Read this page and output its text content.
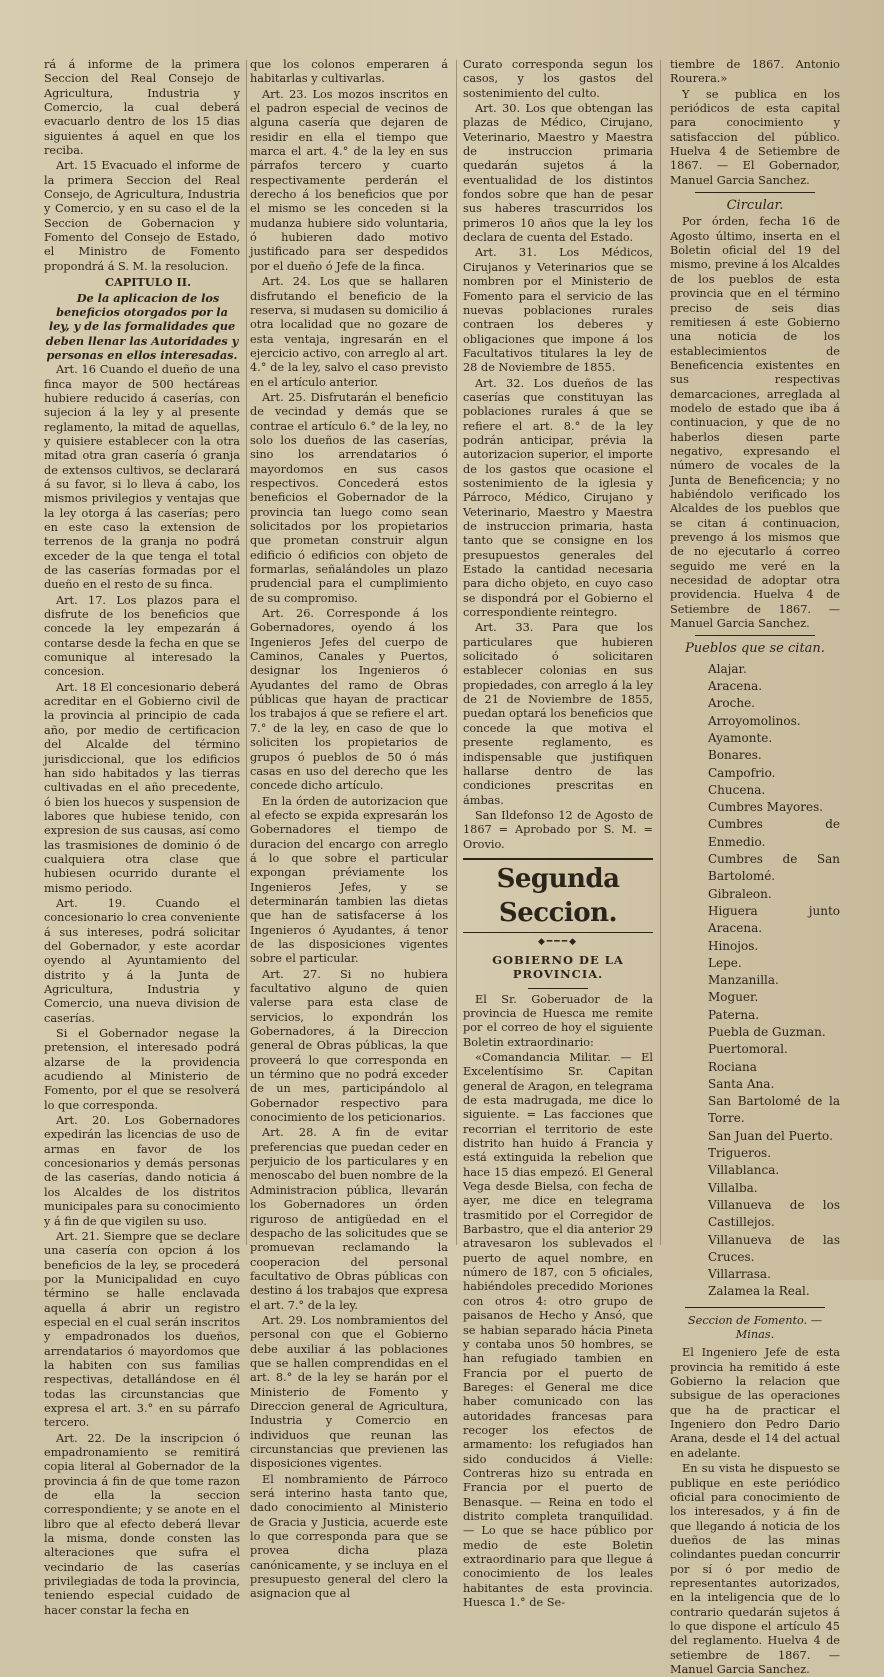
rá á informe de la primera Seccion del Real Consejo de Agricultura, Industria y Comercio, la cual deberá evacuarlo dentro de los 15 dias siguientes á aquel en que los reciba.

Art. 15 Evacuado el informe de la primera Seccion del Real Consejo, de Agricultura, Industria y Comercio, y en su caso el de la Seccion de Gobernacion y Fomento del Consejo de Estado, el Ministro de Fomento propondrá á S. M. la resolucion.

CAPITULO II.

De la aplicacion de los beneficios otorgados por la ley, y de las formalidades que deben llenar las Autoridades y personas en ellos interesadas.

Art. 16 Cuando el dueño de una finca mayor de 500 hectáreas hubiere reducido á caserías, con sujecion á la ley y al presente reglamento, la mitad de aquellas, y quisiere establecer con la otra mitad otra gran casería ó granja de extensos cultivos, se declarará á su favor, si lo lleva á cabo, los mismos privilegios y ventajas que la ley otorga á las caserías; pero en este caso la extension de terrenos de la granja no podrá exceder de la que tenga el total de las caserías formadas por el dueño en el resto de su finca.

Art. 17. Los plazos para el disfrute de los beneficios que concede la ley empezarán á contarse desde la fecha en que se comunique al interesado la concesion.

Art. 18 El concesionario deberá acreditar en el Gobierno civil de la provincia al principio de cada año, por medio de certificacion del Alcalde del término jurisdiccional, que los edificios han sido habitados y las tierras cultivadas en el año precedente, ó bien los huecos y suspension de labores que hubiese tenido, con expresion de sus causas, así como las trasmisiones de dominio ó de cualquiera otra clase que hubiesen ocurrido durante el mismo periodo.

Art. 19. Cuando el concesionario lo crea conveniente á sus intereses, podrá solicitar del Gobernador, y este acordar oyendo al Ayuntamiento del distrito y á la Junta de Agricultura, Industria y Comercio, una nueva division de caserías.

Si el Gobernador negase la pretension, el interesado podrá alzarse de la providencia acudiendo al Ministerio de Fomento, por el que se resolverá lo que corresponda.

Art. 20. Los Gobernadores expedirán las licencias de uso de armas en favor de los concesionarios y demás personas de las caserías, dando noticia á los Alcaldes de los distritos municipales para su conocimiento y á fin de que vigilen su uso.

Art. 21. Siempre que se declare una casería con opcion á los beneficios de la ley, se procederá por la Municipalidad en cuyo término se halle enclavada aquella á abrir un registro especial en el cual serán inscritos y empadronados los dueños, arrendatarios ó mayordomos que la habiten con sus familias respectivas, detallándose en él todas las circunstancias que expresa el art. 3.° en su párrafo tercero.

Art. 22. De la inscripcion ó empadronamiento se remitirá copia literal al Gobernador de la provincia á fin de que tome razon de ella la seccion correspondiente; y se anote en el libro que al efecto deberá llevar la misma, donde consten las alteraciones que sufra el vecindario de las caserías privilegiadas de toda la provincia, teniendo especial cuidado de hacer constar la fecha en

que los colonos emperaren á habitarlas y cultivarlas.

Art. 23. Los mozos inscritos en el padron especial de vecinos de alguna casería que dejaren de residir en ella el tiempo que marca el art. 4.° de la ley en sus párrafos tercero y cuarto respectivamente perderán el derecho á los beneficios que por el mismo se les conceden si la mudanza hubiere sido voluntaria, ó hubieren dado motivo justificado para ser despedidos por el dueño ó Jefe de la finca.

Art. 24. Los que se hallaren disfrutando el beneficio de la reserva, si mudasen su domicilio á otra localidad que no gozare de esta ventaja, ingresarán en el ejercicio activo, con arreglo al art. 4.° de la ley, salvo el caso previsto en el artículo anterior.

Art. 25. Disfrutarán el beneficio de vecindad y demás que se contrae el artículo 6.° de la ley, no solo los dueños de las caserías, sino los arrendatarios ó mayordomos en sus casos respectivos. Concederá estos beneficios el Gobernador de la provincia tan luego como sean solicitados por los propietarios que prometan construir algun edificio ó edificios con objeto de formarlas, señalándoles un plazo prudencial para el cumplimiento de su compromiso.

Art. 26. Corresponde á los Gobernadores, oyendo á los Ingenieros Jefes del cuerpo de Caminos, Canales y Puertos, designar los Ingenieros ó Ayudantes del ramo de Obras públicas que hayan de practicar los trabajos á que se refiere el art. 7.° de la ley, en caso de que lo soliciten los propietarios de grupos ó pueblos de 50 ó más casas en uso del derecho que les concede dicho artículo.

En la órden de autorizacion que al efecto se expida expresarán los Gobernadores el tiempo de duracion del encargo con arreglo á lo que sobre el particular expongan préviamente los Ingenieros Jefes, y se determinarán tambien las dietas que han de satisfacerse á los Ingenieros ó Ayudantes, á tenor de las disposiciones vigentes sobre el particular.

Art. 27. Si no hubiera facultativo alguno de quien valerse para esta clase de servicios, lo expondrán los Gobernadores, á la Direccion general de Obras públicas, la que proveerá lo que corresponda en un término que no podrá exceder de un mes, participándolo al Gobernador respectivo para conocimiento de los peticionarios.

Art. 28. A fin de evitar preferencias que puedan ceder en perjuicio de los particulares y en menoscabo del buen nombre de la Administracion pública, llevarán los Gobernadores un órden riguroso de antigüedad en el despacho de las solicitudes que se promuevan reclamando la cooperacion del personal facultativo de Obras públicas con destino á los trabajos que expresa el art. 7.° de la ley.

Art. 29. Los nombramientos del personal con que el Gobierno debe auxiliar á las poblaciones que se hallen comprendidas en el art. 8.° de la ley se harán por el Ministerio de Fomento y Direccion general de Agricultura, Industria y Comercio en individuos que reunan las circunstancias que previenen las disposiciones vigentes.

El nombramiento de Párroco será interino hasta tanto que, dado conocimiento al Ministerio de Gracia y Justicia, acuerde este lo que corresponda para que se provea dicha plaza canónicamente, y se incluya en el presupuesto general del clero la asignacion que al

Curato corresponda segun los casos, y los gastos del sostenimiento del culto.

Art. 30. Los que obtengan las plazas de Médico, Cirujano, Veterinario, Maestro y Maestra de instruccion primaria quedarán sujetos á la eventualidad de los distintos fondos sobre que han de pesar sus haberes trascurridos los primeros 10 años que la ley los declara de cuenta del Estado.

Art. 31. Los Médicos, Cirujanos y Veterinarios que se nombren por el Ministerio de Fomento para el servicio de las nuevas poblaciones rurales contraen los deberes y obligaciones que impone á los Facultativos titulares la ley de 28 de Noviembre de 1855.

Art. 32. Los dueños de las caserías que constituyan las poblaciones rurales á que se refiere el art. 8.° de la ley podrán anticipar, prévia la autorizacion superior, el importe de los gastos que ocasione el sostenimiento de la iglesia y Párroco, Médico, Cirujano y Veterinario, Maestro y Maestra de instruccion primaria, hasta tanto que se consigne en los presupuestos generales del Estado la cantidad necesaria para dicho objeto, en cuyo caso se dispondrá por el Gobierno el correspondiente reintegro.

Art. 33. Para que los particulares que hubieren solicitado ó solicitaren establecer colonias en sus propiedades, con arreglo á la ley de 21 de Noviembre de 1855, puedan optará los beneficios que concede la que motiva el presente reglamento, es indispensable que justifiquen hallarse dentro de las condiciones prescritas en ámbas.

San Ildefonso 12 de Agosto de 1867 = Aprobado por S. M. = Orovio.

Segunda Seccion.
◆━━━◆
GOBIERNO DE LA PROVINCIA.

El Sr. Goberuador de la provincia de Huesca me remite por el correo de hoy el siguiente Boletin extraordinario:

«Comandancia Militar. — El Excelentísimo Sr. Capitan general de Aragon, en telegrama de esta madrugada, me dice lo siguiente. = Las facciones que recorrian el territorio de este distrito han huido á Francia y está extinguida la rebelion que hace 15 dias empezó. El General Vega desde Bielsa, con fecha de ayer, me dice en telegrama trasmitido por el Corregidor de Barbastro, que el dia anterior 29 atravesaron los sublevados el puerto de aquel nombre, en número de 187, con 5 oficiales, habiéndoles precedido Moriones con otros 4: otro grupo de paisanos de Hecho y Ansó, que se habian separado hácia Pineta y contaba unos 50 hombres, se han refugiado tambien en Francia por el puerto de Bareges: el General me dice haber comunicado con las autoridades francesas para recoger los efectos de armamento: los refugiados han sido conducidos á Vielle: Contreras hizo su entrada en Francia por el puerto de Benasque. — Reina en todo el distrito completa tranquilidad. — Lo que se hace público por medio de este Boletin extraordinario para que llegue á conocimiento de los leales habitantes de esta provincia. Huesca 1.° de Se-

tiembre de 1867. Antonio Rourera.»

Y se publica en los periódicos de esta capital para conocimiento y satisfaccion del público. Huelva 4 de Setiembre de 1867. — El Gobernador, Manuel Garcia Sanchez.

Circular.

Por órden, fecha 16 de Agosto último, inserta en el Boletin oficial del 19 del mismo, previne á los Alcaldes de los pueblos de esta provincia que en el término preciso de seis dias remitiesen á este Gobierno una noticia de los establecimientos de Beneficencia existentes en sus respectivas demarcaciones, arreglada al modelo de estado que iba á continuacion, y que de no haberlos diesen parte negativo, expresando el número de vocales de la Junta de Beneficencia; y no habiéndolo verificado los Alcaldes de los pueblos que se citan á continuacion, prevengo á los mismos que de no ejecutarlo á correo seguido me veré en la necesidad de adoptar otra providencia. Huelva 4 de Setiembre de 1867. — Manuel Garcia Sanchez.

Pueblos que se citan.
Alajar.
Aracena.
Aroche.
Arroyomolinos.
Ayamonte.
Bonares.
Campofrio.
Chucena.
Cumbres Mayores.
Cumbres de Enmedio.
Cumbres de San Bartolomé.
Gibraleon.
Higuera junto Aracena.
Hinojos.
Lepe.
Manzanilla.
Moguer.
Paterna.
Puebla de Guzman.
Puertomoral.
Rociana
Santa Ana.
San Bartolomé de la Torre.
San Juan del Puerto.
Trigueros.
Villablanca.
Villalba.
Villanueva de los Castillejos.
Villanueva de las Cruces.
Villarrasa.
Zalamea la Real.
Seccion de Fomento. — Minas.

El Ingeniero Jefe de esta provincia ha remitido á este Gobierno la relacion que subsigue de las operaciones que ha de practicar el Ingeniero don Pedro Dario Arana, desde el 14 del actual en adelante.

En su vista he dispuesto se publique en este periódico oficial para conocimiento de los interesados, y á fin de que llegando á noticia de los dueños de las minas colindantes puedan concurrir por sí ó por medio de representantes autorizados, en la inteligencia que de lo contrario quedarán sujetos á lo que dispone el artículo 45 del reglamento. Huelva 4 de setiembre de 1867. — Manuel Garcia Sanchez.
